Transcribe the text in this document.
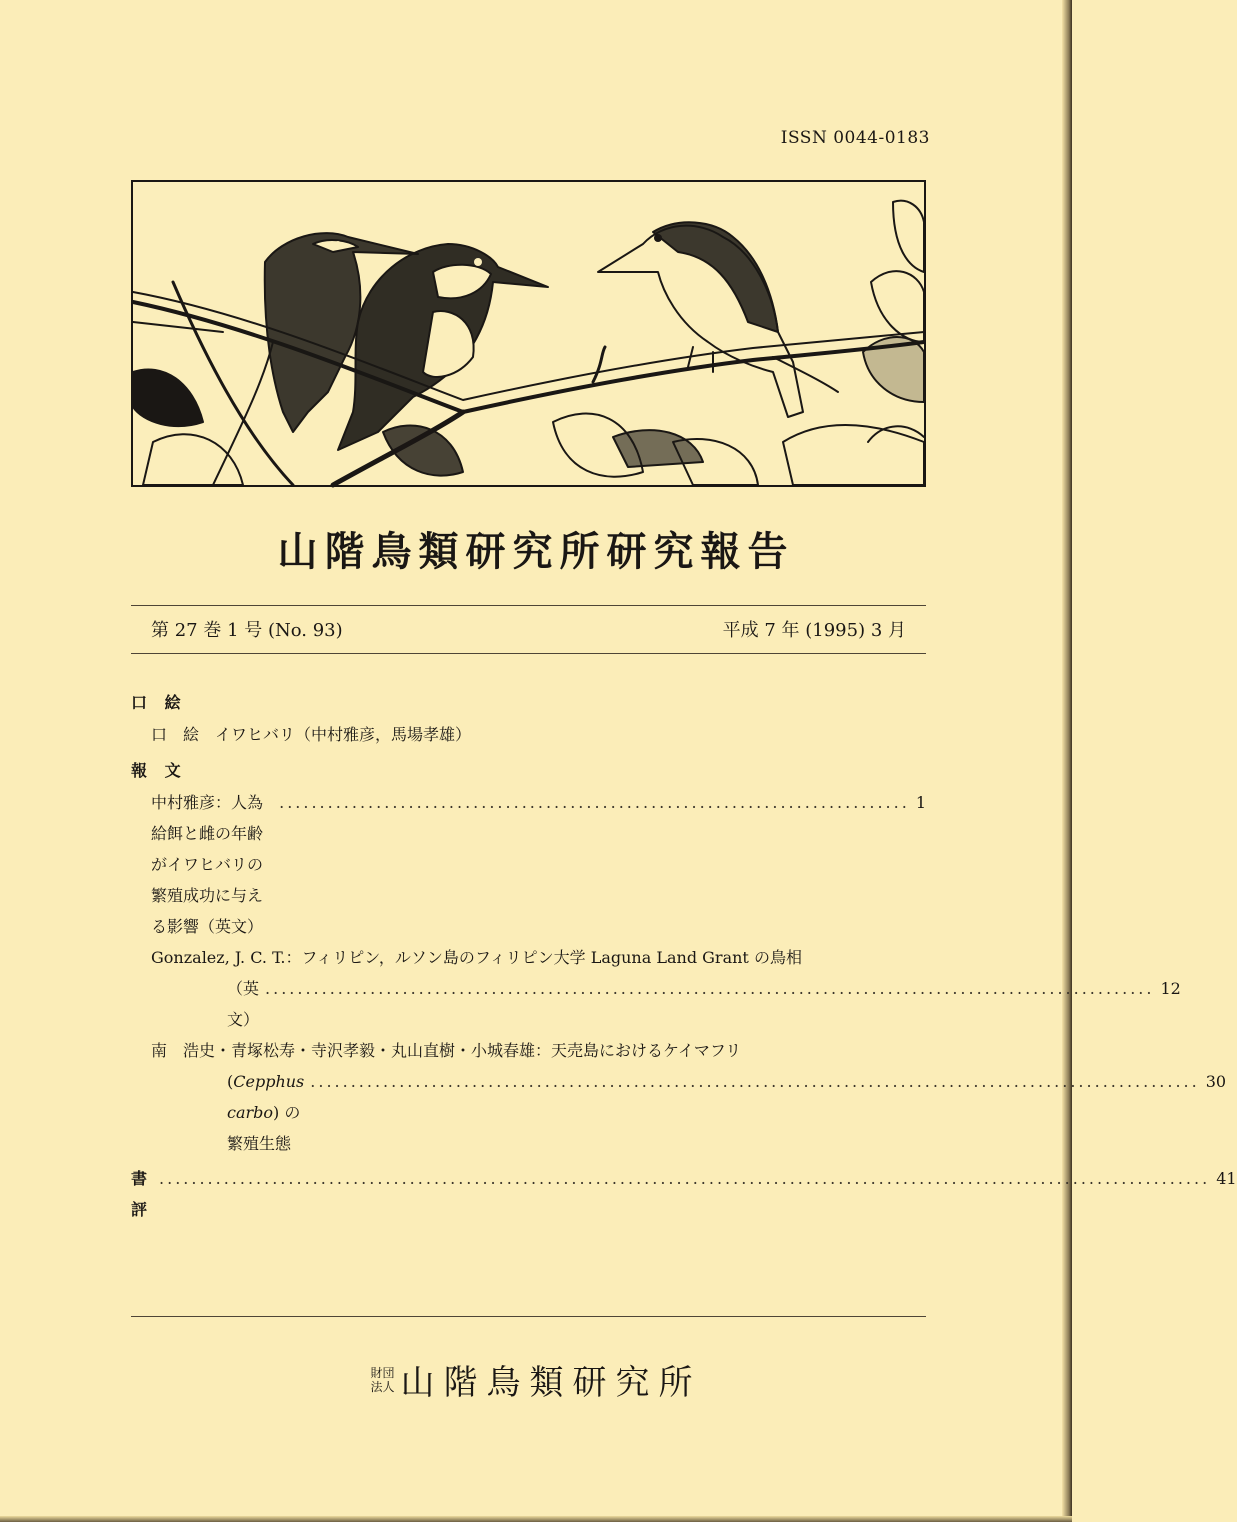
ISSN 0044-0183
山階鳥類研究所研究報告
第 27 巻 1 号 (No. 93)	平成 7 年 (1995) 3 月
口 絵
口　絵　イワヒバリ（中村雅彦，馬場孝雄）
報 文
中村雅彦：人為給餌と雌の年齢がイワヒバリの繁殖成功に与える影響（英文）
.............................................................................. 1
Gonzalez, J. C. T.：フィリピン，ルソン島のフィリピン大学 Laguna Land Grant の鳥相
（英文）
.............................................................................................................. 12
南　浩史・青塚松寿・寺沢孝毅・丸山直樹・小城春雄：天売島におけるケイマフリ
(Cepphus carbo) の繁殖生態
.............................................................................................................. 30
書 評
.................................................................................................................................. 41
財団
法人 山階鳥類研究所
